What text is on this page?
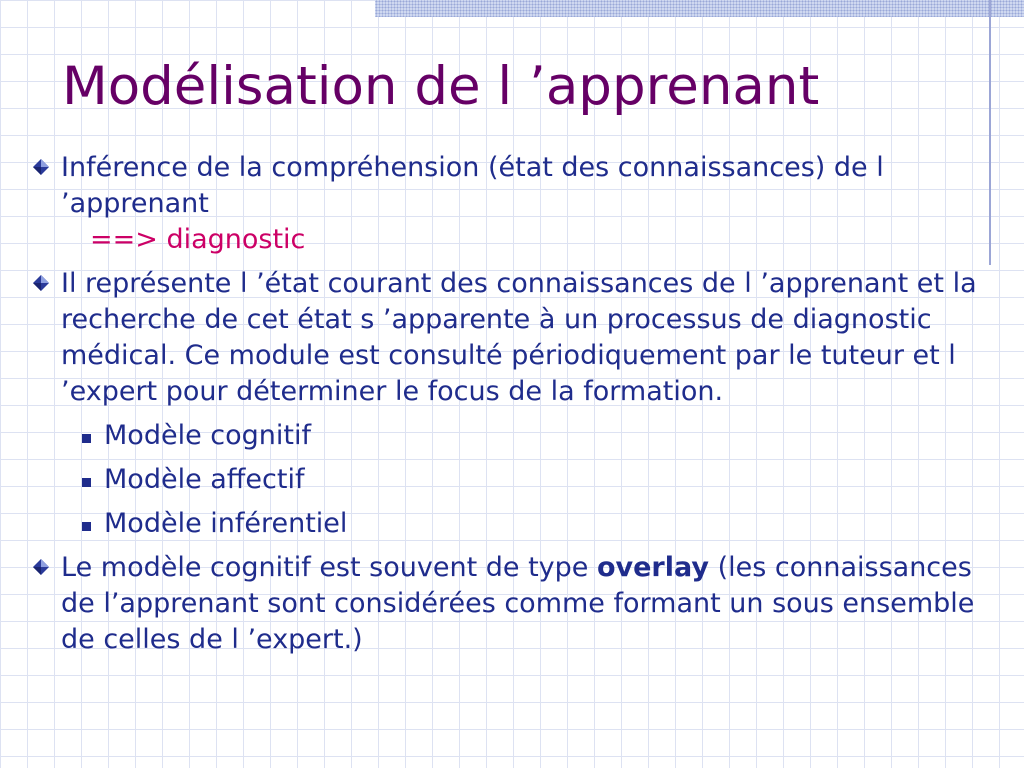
Modélisation de l ’apprenant
Inférence de la compréhension (état des connaissances) de l ’apprenant
==> diagnostic
Il représente l ’état courant des connaissances de l ’apprenant et la recherche de cet état s ’apparente à un processus de diagnostic médical. Ce module est consulté périodiquement par le tuteur et l ’expert pour déterminer le focus de la formation.
Modèle cognitif
Modèle affectif
Modèle inférentiel
Le modèle cognitif est souvent de type overlay (les connaissances de l’apprenant sont considérées comme formant un sous ensemble de celles de l ’expert.)
